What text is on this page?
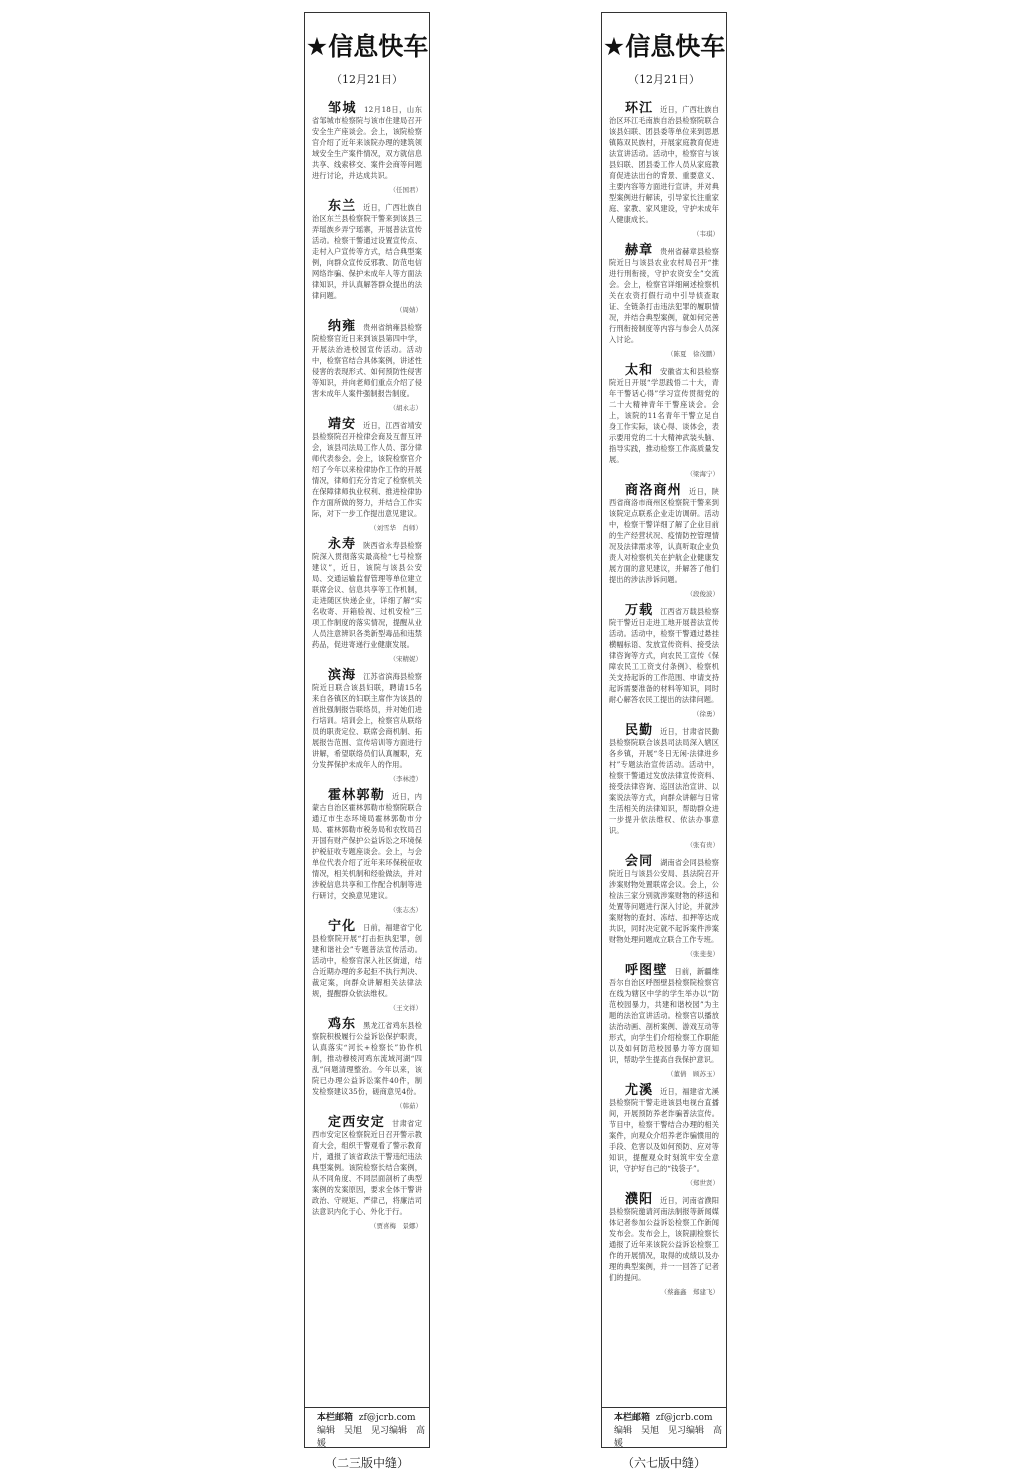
★信息快车
（12月21日）

邹城 12月18日，山东省邹城市检察院与该市住建局召开安全生产座谈会。会上，该院检察官介绍了近年来该院办理的建筑领域安全生产案件情况，双方就信息共享、线索移交、案件会商等问题进行讨论，并达成共识。

（任国君）

东兰 近日，广西壮族自治区东兰县检察院干警来到该县三弄瑶族乡弄宁瑶寨，开展普法宣传活动。检察干警通过设置宣传点、走村入户宣传等方式，结合典型案例，向群众宣传反邪教、防范电信网络诈骗、保护未成年人等方面法律知识，并认真解答群众提出的法律问题。

（周婧）

纳雍 贵州省纳雍县检察院检察官近日来到该县第四中学，开展法治进校园宣传活动。活动中，检察官结合具体案例，讲述性侵害的表现形式、如何预防性侵害等知识，并向老师们重点介绍了侵害未成年人案件强制报告制度。

（胡永志）

靖安 近日，江西省靖安县检察院召开检律会商及互督互评会，该县司法局工作人员、部分律师代表参会。会上，该院检察官介绍了今年以来检律协作工作的开展情况，律师们充分肯定了检察机关在保障律师执业权利、推进检律协作方面所做的努力，并结合工作实际，对下一步工作提出意见建议。

（刘雪华　肖师）

永寿 陕西省永寿县检察院深入贯彻落实最高检“七号检察建议”，近日，该院与该县公安局、交通运输监督管理等单位建立联席会议、信息共享等工作机制，走进随区快递企业，详细了解“实名收寄、开箱验视、过机安检”三项工作制度的落实情况，提醒从业人员注意辨识各类新型毒品和违禁药品，促进寄递行业健康发展。

（宋精妮）

滨海 江苏省滨海县检察院近日联合该县妇联，聘请15名来自各镇区的妇联主席作为该县的首批强制报告联络员，并对她们进行培训。培训会上，检察官从联络员的职责定位、联席会商机制、拓展报告范围、宣传培训等方面进行讲解，希望联络员们认真履职，充分发挥保护未成年人的作用。

（李林滢）

霍林郭勒 近日，内蒙古自治区霍林郭勒市检察院联合通辽市生态环境局霍林郭勒市分局、霍林郭勒市税务局和农牧局召开国有财产保护公益诉讼之环境保护税征收专题座谈会。会上，与会单位代表介绍了近年来环保税征收情况，相关机制和经验做法，并对涉税信息共享和工作配合机制等进行研讨，交换意见建议。

（张志杰）

宁化 日前，福建省宁化县检察院开展“打击拒执犯罪，创建和谐社会”专题普法宣传活动。活动中，检察官深入社区街道，结合近期办理的多起拒不执行判决、裁定案，向群众讲解相关法律法规，提醒群众依法维权。

（王文祥）

鸡东 黑龙江省鸡东县检察院积极履行公益诉讼保护职责，认真落实“河长+检察长”协作机制，推动穆棱河鸡东流域河湖“四乱”问题清理整治。今年以来，该院已办理公益诉讼案件40件，制发检察建议35份，磋商意见4份。

（韩茹）

定西安定 甘肃省定西市安定区检察院近日召开警示教育大会，组织干警观看了警示教育片，通报了该省政法干警违纪违法典型案例。该院检察长结合案例，从不同角度、不同层面剖析了典型案例的发案原因，要求全体干警讲政治、守规矩、严律己，将廉洁司法意识内化于心、外化于行。

（贾喜梅　景娜）
本栏邮箱 zf@jcrb.com
编辑　吴旭　见习编辑　高媛
（二三版中缝）
★信息快车
（12月21日）

环江 近日，广西壮族自治区环江毛南族自治县检察院联合该县妇联、团县委等单位来到思恩镇陈双民族村，开展家庭教育促进法宣讲活动。活动中，检察官与该县妇联、团县委工作人员从家庭教育促进法出台的背景、重要意义、主要内容等方面进行宣讲，并对典型案例进行解读，引导家长注重家庭、家教、家风建设，守护未成年人健康成长。

（韦琪）

赫章 贵州省赫章县检察院近日与该县农业农村局召开“推进行刑衔接，守护农资安全”交流会。会上，检察官详细阐述检察机关在农资打假行动中引导侦查取证、全链条打击违法犯罪的履职情况，并结合典型案例，就如何完善行刑衔接制度等内容与参会人员深入讨论。

（陈夏　徐茂鹏）

太和 安徽省太和县检察院近日开展“学思践悟二十大，青年干警话心得”学习宣传贯彻党的二十大精神青年干警座谈会。会上，该院的11名青年干警立足自身工作实际，谈心得、谈体会，表示要用党的二十大精神武装头脑、指导实践，推动检察工作高质量发展。

（梁海宁）

商洛商州 近日，陕西省商洛市商州区检察院干警来到该院定点联系企业走访调研。活动中，检察干警详细了解了企业目前的生产经营状况、疫情防控管理情况及法律需求等，认真听取企业负责人对检察机关在护航企业健康发展方面的意见建议，并解答了他们提出的涉法涉诉问题。

（段俊波）

万载 江西省万载县检察院干警近日走进工地开展普法宣传活动。活动中，检察干警通过悬挂横幅标语、发放宣传资料、接受法律咨询等方式，向农民工宣传《保障农民工工资支付条例》、检察机关支持起诉的工作范围、申请支持起诉需要准备的材料等知识，同时耐心解答农民工提出的法律问题。

（徐勇）

民勤 近日，甘肃省民勤县检察院联合该县司法局深入辖区各乡镇，开展“冬日无闲·法律进乡村”专题法治宣传活动。活动中，检察干警通过发放法律宣传资料、接受法律咨询、巡回法治宣讲、以案说法等方式，向群众讲解与日常生活相关的法律知识，帮助群众进一步提升依法维权、依法办事意识。

（张有贵）

会同 湖南省会同县检察院近日与该县公安局、县法院召开涉案财物处置联席会议。会上，公检法三家分别就涉案财物的移送和处置等问题进行深入讨论，并就涉案财物的查封、冻结、扣押等达成共识，同时决定就不起诉案件涉案财物处理问题成立联合工作专班。

（张斐斐）

呼图壁 日前，新疆维吾尔自治区呼图壁县检察院检察官在线为辖区中学的学生举办以“防范校园暴力，共建和谐校园”为主题的法治宣讲活动。检察官以播放法治动画、剖析案例、游戏互动等形式，向学生们介绍检察工作职能以及如何防范校园暴力等方面知识，帮助学生提高自我保护意识。

（董倩　顾苏玉）

尤溪 近日，福建省尤溪县检察院干警走进该县电视台直播间，开展预防养老诈骗普法宣传。节目中，检察干警结合办理的相关案件，向观众介绍养老诈骗惯用的手段、危害以及如何预防、应对等知识，提醒观众时刻筑牢安全意识，守护好自己的“钱袋子”。

（郑世贤）

濮阳 近日，河南省濮阳县检察院邀请河南法制报等新闻媒体记者参加公益诉讼检察工作新闻发布会。发布会上，该院副检察长通报了近年来该院公益诉讼检察工作的开展情况，取得的成绩以及办理的典型案例，并一一回答了记者们的提问。

（蔡鑫鑫　郑建飞）
本栏邮箱 zf@jcrb.com
编辑　吴旭　见习编辑　高媛
（六七版中缝）
